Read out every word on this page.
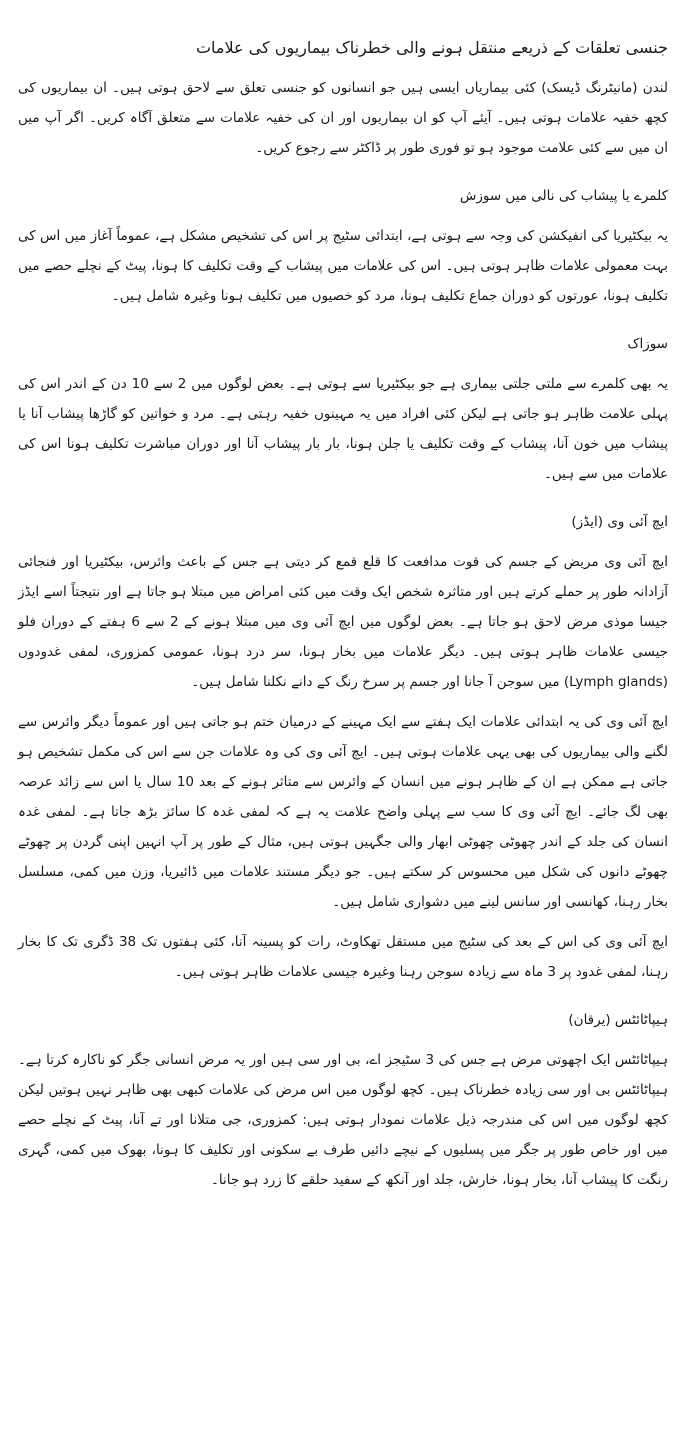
جنسی تعلقات کے ذریعے منتقل ہونے والی خطرناک بیماریوں کی علامات

لندن (مانیٹرنگ ڈیسک) کئی بیماریاں ایسی ہیں جو انسانوں کو جنسی تعلق سے لاحق ہوتی ہیں۔ ان بیماریوں کی کچھ خفیہ علامات ہوتی ہیں۔ آیئے آپ کو ان بیماریوں اور ان کی خفیہ علامات سے متعلق آگاہ کریں۔ اگر آپ میں ان میں سے کئی علامت موجود ہو تو فوری طور پر ڈاکٹر سے رجوع کریں۔

کلمرے یا پیشاب کی نالی میں سوزش

یہ بیکٹیریا کی انفیکشن کی وجہ سے ہوتی ہے، ابتدائی سٹیج پر اس کی تشخیص مشکل ہے، عموماً آغاز میں اس کی بہت معمولی علامات ظاہر ہوتی ہیں۔ اس کی علامات میں پیشاب کے وقت تکلیف کا ہونا، پیٹ کے نچلے حصے میں تکلیف ہونا، عورتوں کو دوران جماع تکلیف ہونا، مرد کو خصیوں میں تکلیف ہونا وغیرہ شامل ہیں۔

سوزاک

یہ بھی کلمرے سے ملتی جلتی بیماری ہے جو بیکٹیریا سے ہوتی ہے۔ بعض لوگوں میں 2 سے 10 دن کے اندر اس کی پہلی علامت ظاہر ہو جاتی ہے لیکن کئی افراد میں یہ مہینوں خفیہ رہتی ہے۔ مرد و خواتین کو گاڑھا پیشاب آنا یا پیشاب میں خون آنا، پیشاب کے وقت تکلیف یا جلن ہونا، بار بار پیشاب آنا اور دوران مباشرت تکلیف ہونا اس کی علامات میں سے ہیں۔

ایچ آئی وی (ایڈز)

ایچ آئی وی مریض کے جسم کی قوت مدافعت کا قلع قمع کر دیتی ہے جس کے باعث وائرس، بیکٹیریا اور فنجائی آزادانہ طور پر حملے کرتے ہیں اور متاثرہ شخص ایک وقت میں کئی امراض میں مبتلا ہو جاتا ہے اور نتیجتاً اسے ایڈز جیسا موذی مرض لاحق ہو جاتا ہے۔ بعض لوگوں میں ایچ آئی وی میں مبتلا ہونے کے 2 سے 6 ہفتے کے دوران فلو جیسی علامات ظاہر ہوتی ہیں۔ دیگر علامات میں بخار ہونا، سر درد ہونا، عمومی کمزوری، لمفی غدودوں (Lymph glands) میں سوجن آ جانا اور جسم پر سرخ رنگ کے دانے نکلنا شامل ہیں۔

ایچ آئی وی کی یہ ابتدائی علامات ایک ہفتے سے ایک مہینے کے درمیان ختم ہو جاتی ہیں اور عموماً دیگر وائرس سے لگنے والی بیماریوں کی بھی یہی علامات ہوتی ہیں۔ ایچ آئی وی کی وہ علامات جن سے اس کی مکمل تشخیص ہو جاتی ہے ممکن ہے ان کے ظاہر ہونے میں انسان کے وائرس سے متاثر ہونے کے بعد 10 سال یا اس سے زائد عرصہ بھی لگ جائے۔ ایچ آئی وی کا سب سے پہلی واضح علامت یہ ہے کہ لمفی غدہ کا سائز بڑھ جاتا ہے۔ لمفی غدہ انسان کی جلد کے اندر چھوٹی چھوٹی ابھار والی جگہیں ہوتی ہیں، مثال کے طور پر آپ انہیں اپنی گردن پر چھوٹے چھوٹے دانوں کی شکل میں محسوس کر سکتے ہیں۔ جو دیگر مستند علامات میں ڈائیریا، وزن میں کمی، مسلسل بخار رہنا، کھانسی اور سانس لینے میں دشواری شامل ہیں۔

ایچ آئی وی کی اس کے بعد کی سٹیج میں مستقل تھکاوٹ، رات کو پسینہ آنا، کئی ہفتوں تک 38 ڈگری تک کا بخار رہنا، لمفی غدود پر 3 ماہ سے زیادہ سوجن رہنا وغیرہ جیسی علامات ظاہر ہوتی ہیں۔

ہیپاٹائٹس (یرقان)

ہیپاٹائٹس ایک اچھوتی مرض ہے جس کی 3 سٹیجز اے، بی اور سی ہیں اور یہ مرض انسانی جگر کو ناکارہ کرتا ہے۔ ہیپاٹائٹس بی اور سی زیادہ خطرناک ہیں۔ کچھ لوگوں میں اس مرض کی علامات کبھی بھی ظاہر نہیں ہوتیں لیکن کچھ لوگوں میں اس کی مندرجہ ذیل علامات نمودار ہوتی ہیں: کمزوری، جی متلانا اور تے آنا، پیٹ کے نچلے حصے میں اور خاص طور پر جگر میں پسلیوں کے نیچے دائیں طرف بے سکونی اور تکلیف کا ہونا، بھوک میں کمی، گہری رنگت کا پیشاب آنا، بخار ہونا، خارش، جلد اور آنکھ کے سفید حلقے کا زرد ہو جانا۔
